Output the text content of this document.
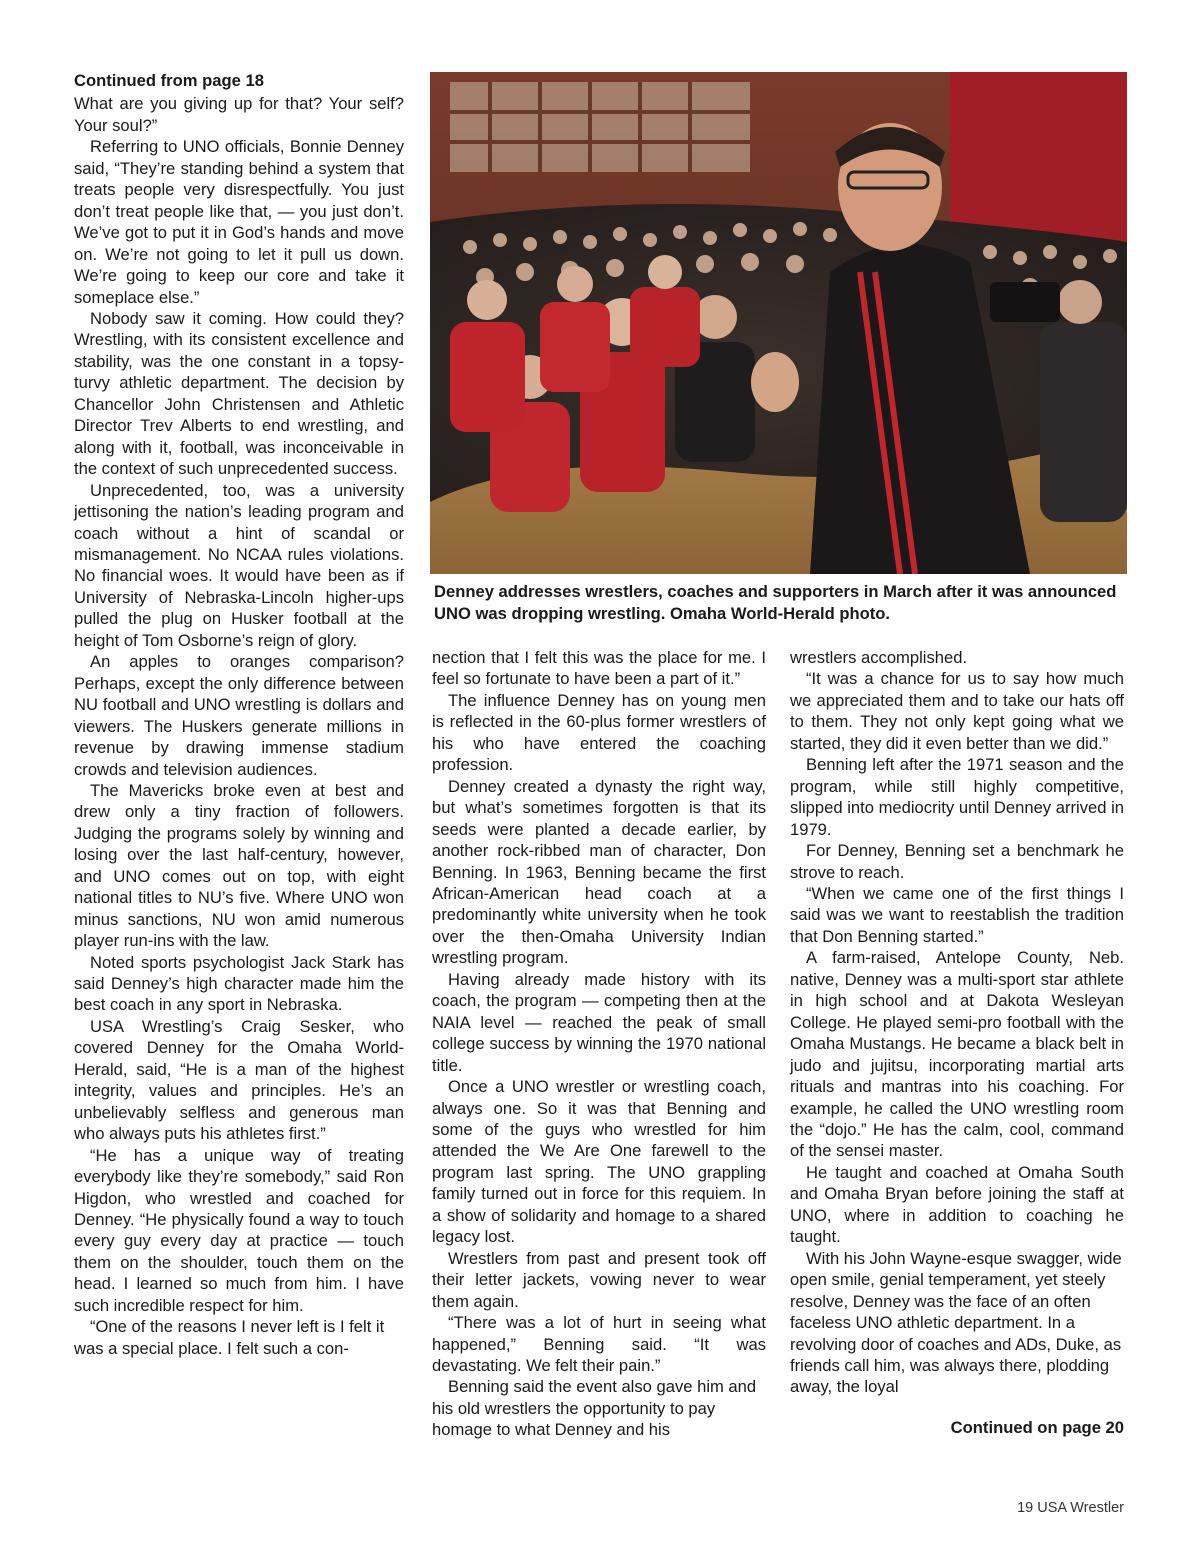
Continued from page 18

What are you giving up for that? Your self? Your soul?”

Referring to UNO officials, Bonnie Denney said, “They’re standing behind a system that treats people very disrespectfully. You just don’t treat people like that, — you just don’t. We’ve got to put it in God’s hands and move on. We’re not going to let it pull us down. We’re going to keep our core and take it someplace else.”

Nobody saw it coming. How could they? Wrestling, with its consistent excellence and stability, was the one constant in a topsy-turvy athletic department. The decision by Chancellor John Christensen and Athletic Director Trev Alberts to end wrestling, and along with it, football, was inconceivable in the context of such unprecedented success.

Unprecedented, too, was a university jettisoning the nation’s leading program and coach without a hint of scandal or mismanagement. No NCAA rules violations. No financial woes. It would have been as if University of Nebraska-Lincoln higher-ups pulled the plug on Husker football at the height of Tom Osborne’s reign of glory.

An apples to oranges comparison? Perhaps, except the only difference between NU football and UNO wrestling is dollars and viewers. The Huskers generate millions in revenue by drawing immense stadium crowds and television audiences.

The Mavericks broke even at best and drew only a tiny fraction of followers. Judging the programs solely by winning and losing over the last half-century, however, and UNO comes out on top, with eight national titles to NU’s five. Where UNO won minus sanctions, NU won amid numerous player run-ins with the law.

Noted sports psychologist Jack Stark has said Denney’s high character made him the best coach in any sport in Nebraska.

USA Wrestling’s Craig Sesker, who covered Denney for the Omaha World-Herald, said, “He is a man of the highest integrity, values and principles. He’s an unbelievably selfless and generous man who always puts his athletes first.”

“He has a unique way of treating everybody like they’re somebody,” said Ron Higdon, who wrestled and coached for Denney. “He physically found a way to touch every guy every day at practice — touch them on the shoulder, touch them on the head. I learned so much from him. I have such incredible respect for him.

“One of the reasons I never left is I felt it was a special place. I felt such a con-

Denney addresses wrestlers, coaches and supporters in March after it was announced UNO was dropping wrestling. Omaha World-Herald photo.

nection that I felt this was the place for me. I feel so fortunate to have been a part of it.”

The influence Denney has on young men is reflected in the 60-plus former wrestlers of his who have entered the coaching profession.

Denney created a dynasty the right way, but what’s sometimes forgotten is that its seeds were planted a decade earlier, by another rock-ribbed man of character, Don Benning. In 1963, Benning became the first African-American head coach at a predominantly white university when he took over the then-Omaha University Indian wrestling program.

Having already made history with its coach, the program — competing then at the NAIA level — reached the peak of small college success by winning the 1970 national title.

Once a UNO wrestler or wrestling coach, always one. So it was that Benning and some of the guys who wrestled for him attended the We Are One farewell to the program last spring. The UNO grappling family turned out in force for this requiem. In a show of solidarity and homage to a shared legacy lost.

Wrestlers from past and present took off their letter jackets, vowing never to wear them again.

“There was a lot of hurt in seeing what happened,” Benning said. “It was devastating. We felt their pain.”

Benning said the event also gave him and his old wrestlers the opportunity to pay homage to what Denney and his

wrestlers accomplished.

“It was a chance for us to say how much we appreciated them and to take our hats off to them. They not only kept going what we started, they did it even better than we did.”

Benning left after the 1971 season and the program, while still highly competitive, slipped into mediocrity until Denney arrived in 1979.

For Denney, Benning set a benchmark he strove to reach.

“When we came one of the first things I said was we want to reestablish the tradition that Don Benning started.”

A farm-raised, Antelope County, Neb. native, Denney was a multi-sport star athlete in high school and at Dakota Wesleyan College. He played semi-pro football with the Omaha Mustangs. He became a black belt in judo and jujitsu, incorporating martial arts rituals and mantras into his coaching. For example, he called the UNO wrestling room the “dojo.” He has the calm, cool, command of the sensei master.

He taught and coached at Omaha South and Omaha Bryan before joining the staff at UNO, where in addition to coaching he taught.

With his John Wayne-esque swagger, wide open smile, genial temperament, yet steely resolve, Denney was the face of an often faceless UNO athletic department. In a revolving door of coaches and ADs, Duke, as friends call him, was always there, plodding away, the loyal

Continued on page 20
19 USA Wrestler
